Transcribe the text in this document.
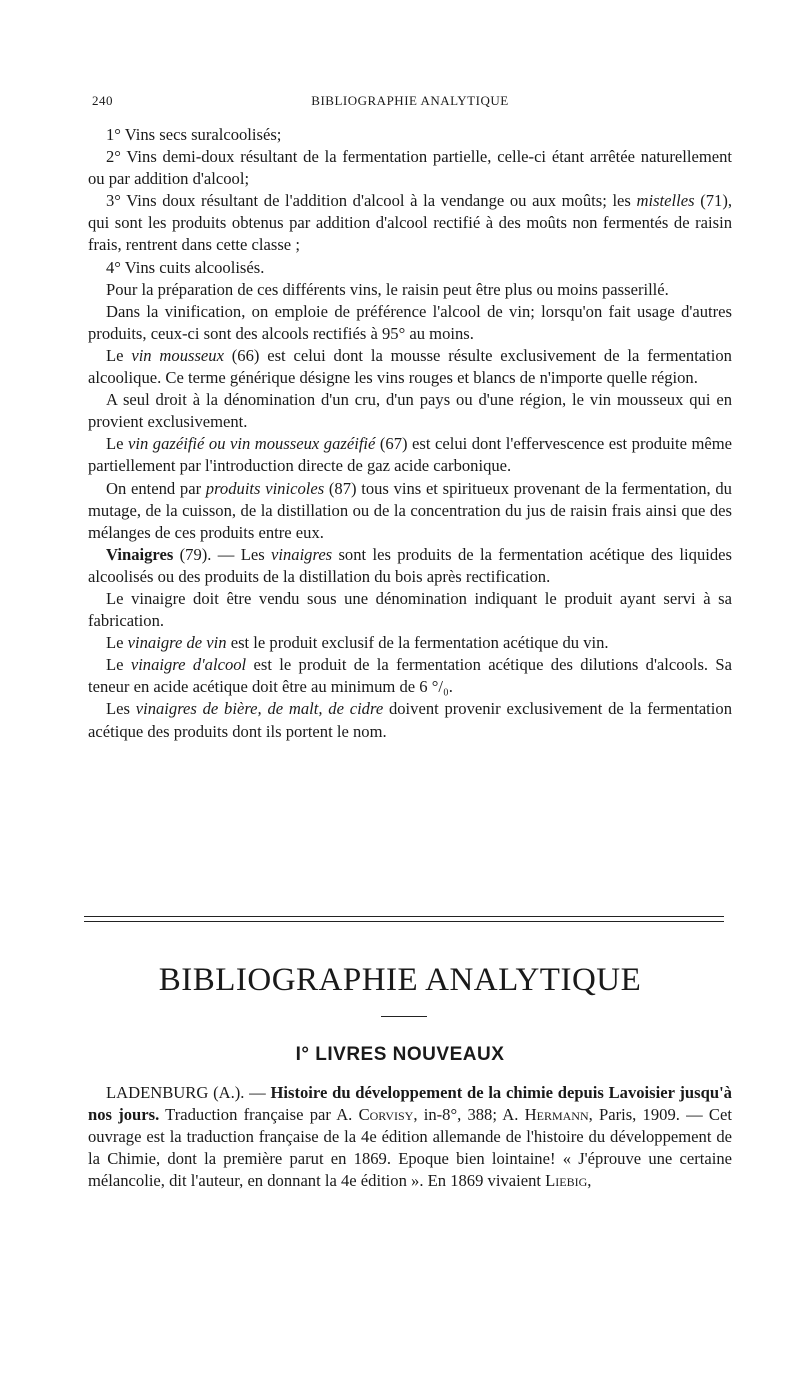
240	BIBLIOGRAPHIE ANALYTIQUE

1° Vins secs suralcoolisés;

2° Vins demi-doux résultant de la fermentation partielle, celle-ci étant arrêtée naturellement ou par addition d'alcool;

3° Vins doux résultant de l'addition d'alcool à la vendange ou aux moûts; les mistelles (71), qui sont les produits obtenus par addition d'alcool rectifié à des moûts non fermentés de raisin frais, rentrent dans cette classe ;

4° Vins cuits alcoolisés.

Pour la préparation de ces différents vins, le raisin peut être plus ou moins passerillé.

Dans la vinification, on emploie de préférence l'alcool de vin; lorsqu'on fait usage d'autres produits, ceux-ci sont des alcools rectifiés à 95° au moins.

Le vin mousseux (66) est celui dont la mousse résulte exclusivement de la fermentation alcoolique. Ce terme générique désigne les vins rouges et blancs de n'importe quelle région.

A seul droit à la dénomination d'un cru, d'un pays ou d'une région, le vin mousseux qui en provient exclusivement.

Le vin gazéifié ou vin mousseux gazéifié (67) est celui dont l'effervescence est produite même partiellement par l'introduction directe de gaz acide carbonique.

On entend par produits vinicoles (87) tous vins et spiritueux provenant de la fermentation, du mutage, de la cuisson, de la distillation ou de la concentration du jus de raisin frais ainsi que des mélanges de ces produits entre eux.

Vinaigres (79). — Les vinaigres sont les produits de la fermentation acétique des liquides alcoolisés ou des produits de la distillation du bois après rectification.

Le vinaigre doit être vendu sous une dénomination indiquant le produit ayant servi à sa fabrication.

Le vinaigre de vin est le produit exclusif de la fermentation acétique du vin.

Le vinaigre d'alcool est le produit de la fermentation acétique des dilutions d'alcools. Sa teneur en acide acétique doit être au minimum de 6 °/₀.

Les vinaigres de bière, de malt, de cidre doivent provenir exclusivement de la fermentation acétique des produits dont ils portent le nom.

BIBLIOGRAPHIE ANALYTIQUE
I° LIVRES NOUVEAUX

LADENBURG (A.). — Histoire du développement de la chimie depuis Lavoisier jusqu'à nos jours. Traduction française par A. Corvisy, in-8°, 388; A. Hermann, Paris, 1909. — Cet ouvrage est la traduction française de la 4e édition allemande de l'histoire du développement de la Chimie, dont la première parut en 1869. Epoque bien lointaine! « J'éprouve une certaine mélancolie, dit l'auteur, en donnant la 4e édition ». En 1869 vivaient Liebig,
